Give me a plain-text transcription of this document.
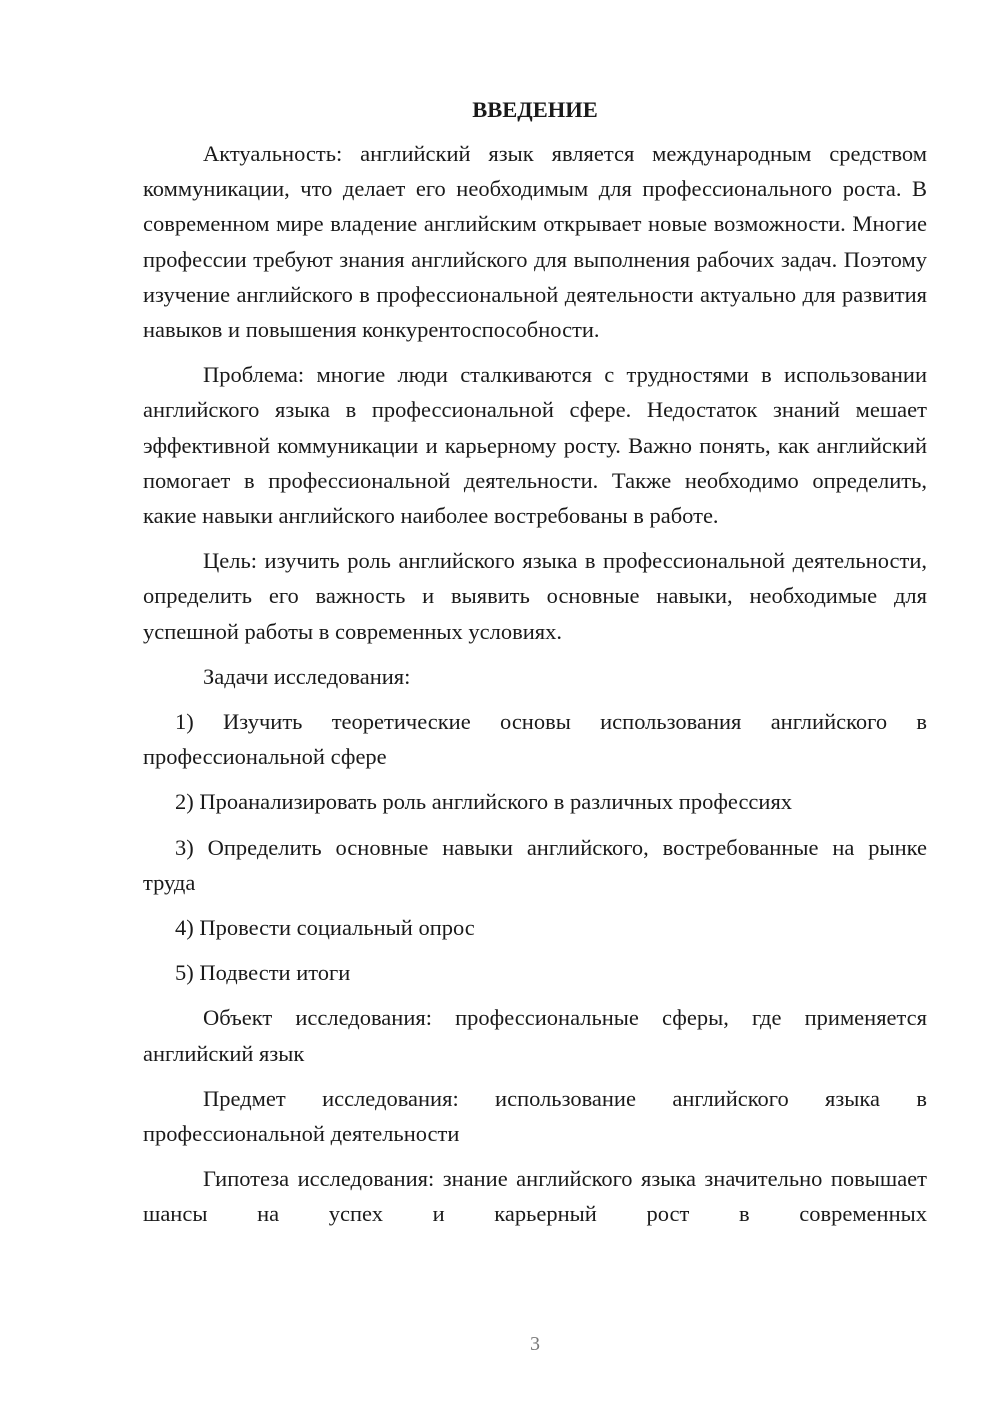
ВВЕДЕНИЕ

Актуальность: английский язык является международным средством коммуникации, что делает его необходимым для профессионального роста. В современном мире владение английским открывает новые возможности. Многие профессии требуют знания английского для выполнения рабочих задач. Поэтому изучение английского в профессиональной деятельности актуально для развития навыков и повышения конкурентоспособности.

Проблема: многие люди сталкиваются с трудностями в использовании английского языка в профессиональной сфере. Недостаток знаний мешает эффективной коммуникации и карьерному росту. Важно понять, как английский помогает в профессиональной деятельности. Также необходимо определить, какие навыки английского наиболее востребованы в работе.

Цель: изучить роль английского языка в профессиональной деятельности, определить его важность и выявить основные навыки, необходимые для успешной работы в современных условиях.

Задачи исследования:

1) Изучить теоретические основы использования английского в профессиональной сфере

2) Проанализировать роль английского в различных профессиях

3) Определить основные навыки английского, востребованные на рынке труда

4) Провести социальный опрос

5) Подвести итоги

Объект исследования: профессиональные сферы, где применяется английский язык

Предмет исследования: использование английского языка в профессиональной деятельности

Гипотеза исследования: знание английского языка значительно повышает шансы на успех и карьерный рост в современных

3
